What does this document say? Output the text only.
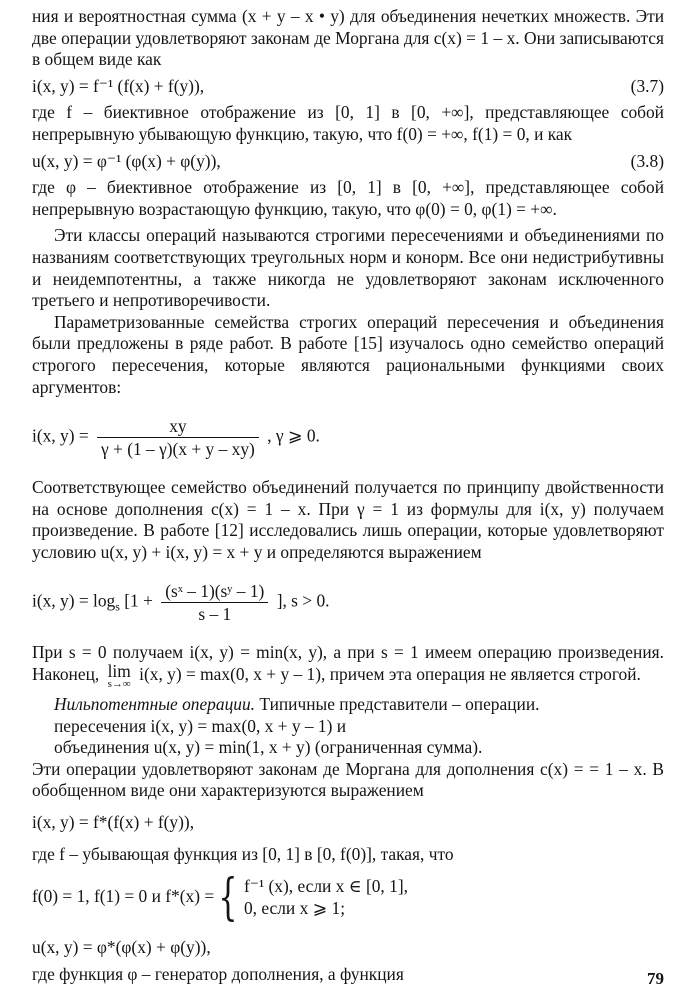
ния и вероятностная сумма (x + y – x • y) для объединения нечетких множеств. Эти две операции удовлетворяют законам де Моргана для c(x) = 1 – x. Они записываются в общем виде как

i(x, y) = f⁻¹ (f(x) + f(y)),	(3.7)

где f – биективное отображение из [0, 1] в [0, +∞], представляющее собой непрерывную убывающую функцию, такую, что f(0) = +∞, f(1) = 0, и как

u(x, y) = φ⁻¹ (φ(x) + φ(y)),	(3.8)

где φ – биективное отображение из [0, 1] в [0, +∞], представляющее собой непрерывную возрастающую функцию, такую, что φ(0) = 0, φ(1) = +∞.

Эти классы операций называются строгими пересечениями и объединениями по названиям соответствующих треугольных норм и конорм. Все они недистрибутивны и неидемпотентны, а также никогда не удовлетворяют законам исключенного третьего и непротиворечивости.

Параметризованные семейства строгих операций пересечения и объединения были предложены в ряде работ. В работе [15] изучалось одно семейство операций строгого пересечения, которые являются рациональными функциями своих аргументов:

i(x, $y) = \frac{xy}{\gamma + (1 - \gamma)(x + y - xy)}$ , γ ⩾ 0.

Соответствующее семейство объединений получается по принципу двойственности на основе дополнения c(x) = 1 – x. При γ = 1 из формулы для i(x, y) получаем произведение. В работе [12] исследовались лишь операции, которые удовлетворяют условию u(x, y) + i(x, y) = x + y и определяются выражением

i(x, $y) = \log_s [1 + \frac{\text{(sˣ – 1)(sʸ – 1)}}{s - 1}$ ], s > 0.

При s = 0 получаем i(x, y) = min(x, y), а при s = 1 имеем операцию произведения. Наконец, lim
s→∞ i(x, y) = max(0, x + y – 1), причем эта операция не является строгой.

Нильпотентные операции. Типичные представители – операции.

пересечения i(x, y) = max(0, x + y – 1) и

объединения u(x, y) = min(1, x + y) (ограниченная сумма).

Эти операции удовлетворяют законам де Моргана для дополнения c(x) = = 1 – x. В обобщенном виде они характеризуются выражением

i(x, y) = f*(f(x) + f(y)),

где f – убывающая функция из [0, 1] в [0, f(0)], такая, что

f(0) = 1, f(1) = 0 и f*(x) = { f⁻¹ (x), если x ∈ [0, 1],
0, если x ⩾ 1;
u(x, y) = φ*(φ(x) + φ(y)),

где функция φ – генератор дополнения, а функция	79
